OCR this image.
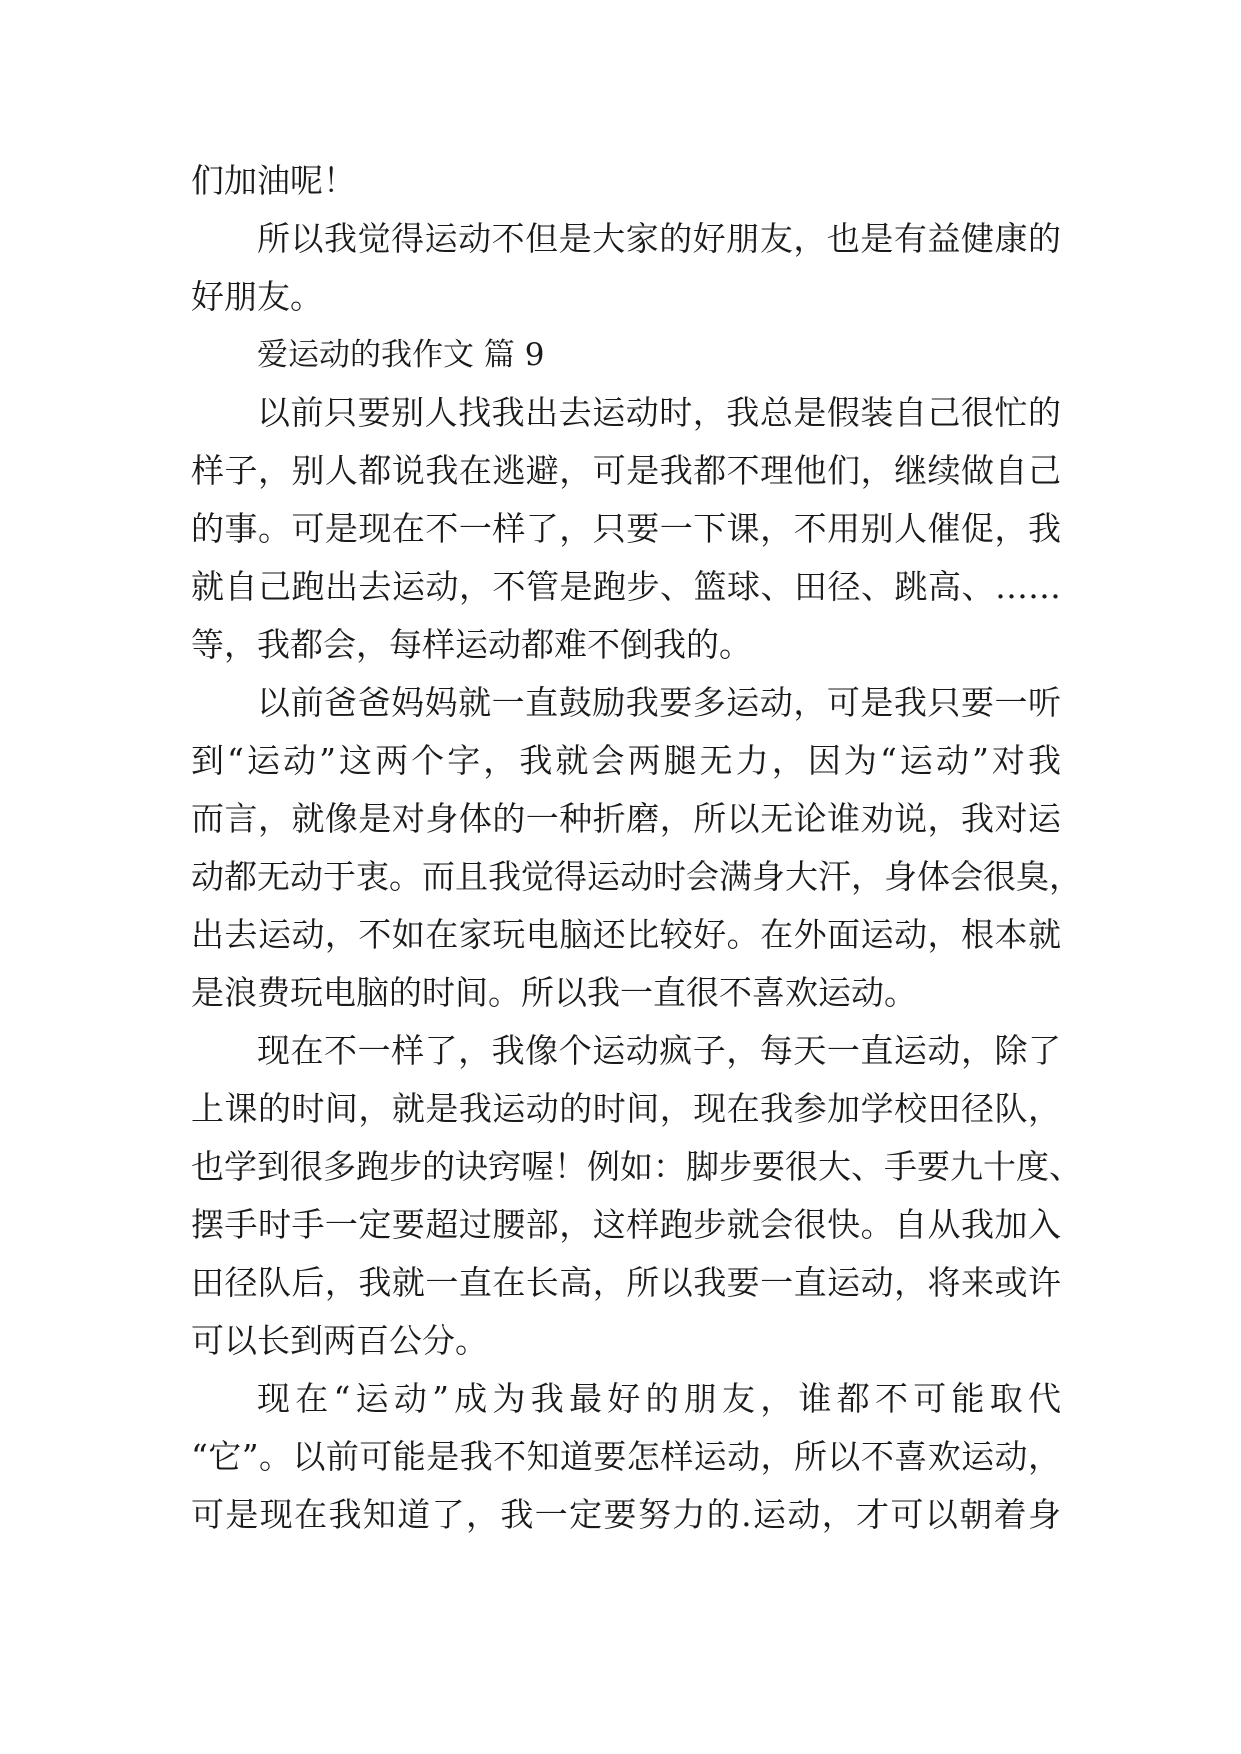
们加油呢！
所以我觉得运动不但是大家的好朋友，也是有益健康的
好朋友。
爱运动的我作文 篇 9
以前只要别人找我出去运动时，我总是假装自己很忙的
样子，别人都说我在逃避，可是我都不理他们，继续做自己
的事。可是现在不一样了，只要一下课，不用别人催促，我
就自己跑出去运动，不管是跑步、篮球、田径、跳高、……
等，我都会，每样运动都难不倒我的。
以前爸爸妈妈就一直鼓励我要多运动，可是我只要一听
到“运动”这两个字，我就会两腿无力，因为“运动”对我
而言，就像是对身体的一种折磨，所以无论谁劝说，我对运
动都无动于衷。而且我觉得运动时会满身大汗，身体会很臭，
出去运动，不如在家玩电脑还比较好。在外面运动，根本就
是浪费玩电脑的时间。所以我一直很不喜欢运动。
现在不一样了，我像个运动疯子，每天一直运动，除了
上课的时间，就是我运动的时间，现在我参加学校田径队，
也学到很多跑步的诀窍喔！例如：脚步要很大、手要九十度、
摆手时手一定要超过腰部，这样跑步就会很快。自从我加入
田径队后，我就一直在长高，所以我要一直运动，将来或许
可以长到两百公分。
现在“运动”成为我最好的朋友，谁都不可能取代
“它”。以前可能是我不知道要怎样运动，所以不喜欢运动，
可是现在我知道了，我一定要努力的.运动，才可以朝着身
